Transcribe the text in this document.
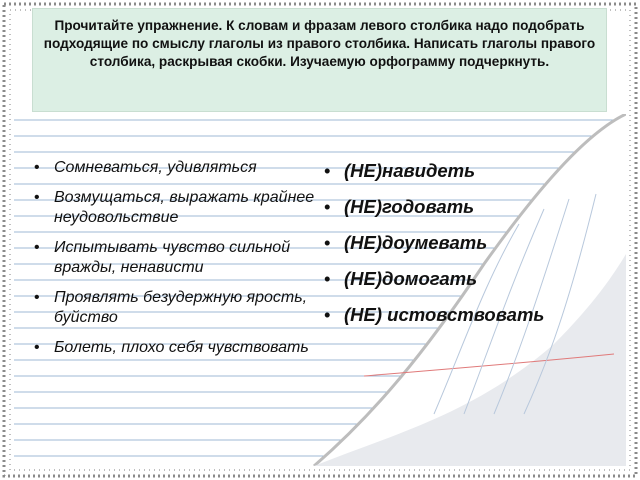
Прочитайте упражнение. К словам и фразам левого столбика надо подобрать подходящие по смыслу глаголы из правого столбика. Написать глаголы правого столбика, раскрывая скобки. Изучаемую орфограмму подчеркнуть.
• Сомневаться, удивляться
• Возмущаться, выражать крайнее неудовольствие
• Испытывать чувство сильной вражды, ненависти
• Проявлять безудержную ярость, буйство
• Болеть, плохо себя чувствовать
• (НЕ)навидеть
• (НЕ)годовать
• (НЕ)доумевать
• (НЕ)домогать
• (НЕ) истовствовать
